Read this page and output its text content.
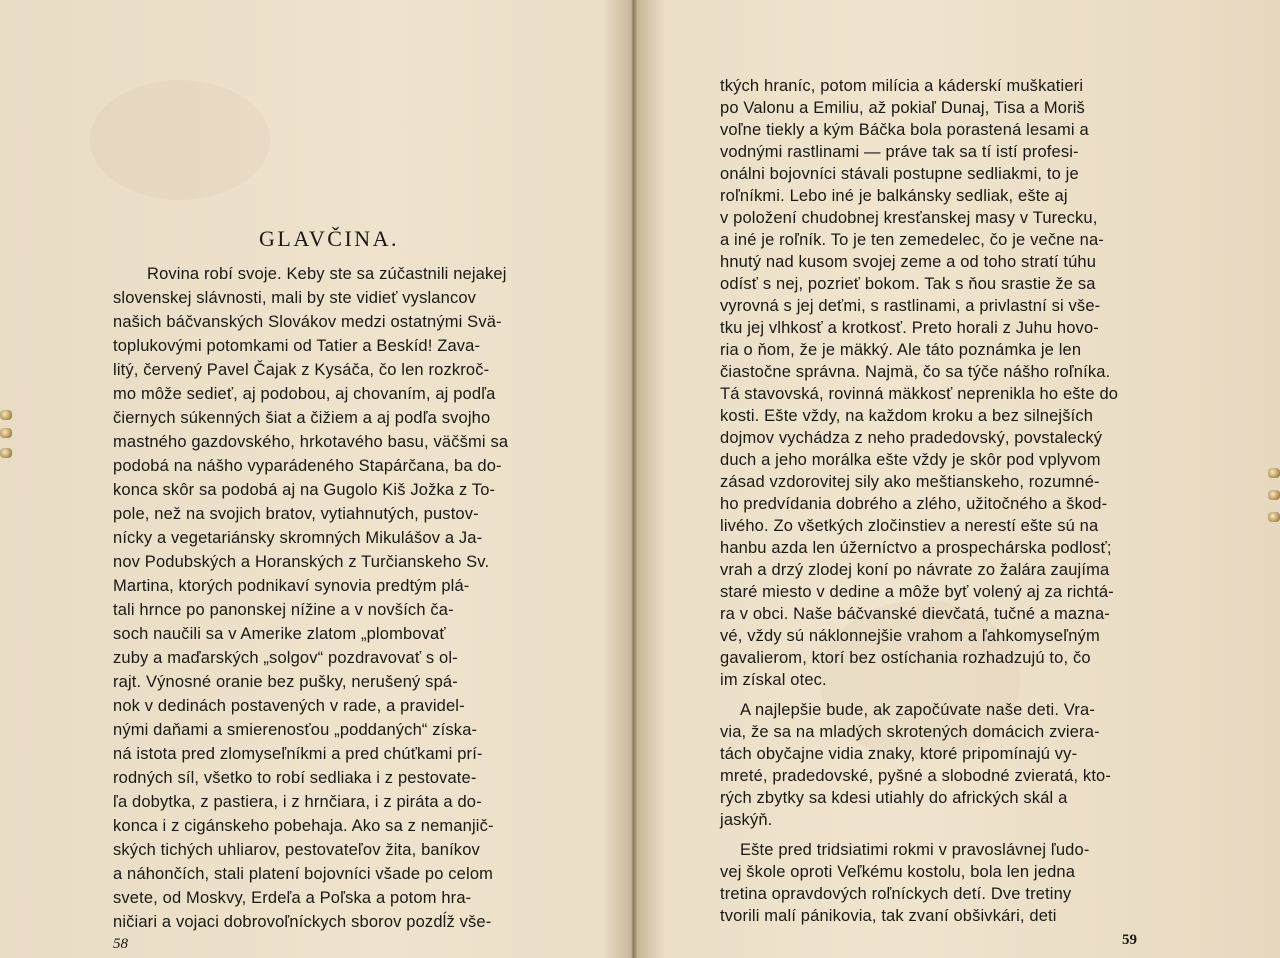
GLAVČINA.
Rovina robí svoje. Keby ste sa zúčastnili nejakej
slovenskej slávnosti, mali by ste vidieť vyslancov
našich báčvanských Slovákov medzi ostatnými Svä-
toplukovými potomkami od Tatier a Beskíd! Zava-
litý, červený Pavel Čajak z Kysáča, čo len rozkroč-
mo môže sedieť, aj podobou, aj chovaním, aj podľa
čiernych súkenných šiat a čižiem a aj podľa svojho
mastného gazdovského, hrkotavého basu, väčšmi sa
podobá na nášho vyparádeného Stapárčana, ba do-
konca skôr sa podobá aj na Gugolo Kiš Jožka z To-
pole, než na svojich bratov, vytiahnutých, pustov-
nícky a vegetariánsky skromných Mikulášov a Ja-
nov Podubských a Horanských z Turčianskeho Sv.
Martina, ktorých podnikaví synovia predtým plá-
tali hrnce po panonskej nížine a v novších ča-
soch naučili sa v Amerike zlatom „plombovať
zuby a maďarských „solgov“ pozdravovať s ol-
rajt. Výnosné oranie bez pušky, nerušený spá-
nok v dedinách postavených v rade, a pravidel-
nými daňami a smierenosťou „poddaných“ získa-
ná istota pred zlomyseľníkmi a pred chúťkami prí-
rodných síl, všetko to robí sedliaka i z pestovate-
ľa dobytka, z pastiera, i z hrnčiara, i z piráta a do-
konca i z cigánskeho pobehaja. Ako sa z nemanjič-
ských tichých uhliarov, pestovateľov žita, baníkov
a náhončích, stali platení bojovníci všade po celom
svete, od Moskvy, Erdeľa a Poľska a potom hra-
ničiari a vojaci dobrovoľníckych sborov pozdĺž vše-
58
tkých hraníc, potom milícia a káderskí muškatieri
po Valonu a Emiliu, až pokiaľ Dunaj, Tisa a Moriš
voľne tiekly a kým Báčka bola porastená lesami a
vodnými rastlinami — práve tak sa tí istí profesi-
onálni bojovníci stávali postupne sedliakmi, to je
roľníkmi. Lebo iné je balkánsky sedliak, ešte aj
v položení chudobnej kresťanskej masy v Turecku,
a iné je roľník. To je ten zemedelec, čo je večne na-
hnutý nad kusom svojej zeme a od toho stratí túhu
odísť s nej, pozrieť bokom. Tak s ňou srastie že sa
vyrovná s jej deťmi, s rastlinami, a privlastní si vše-
tku jej vlhkosť a krotkosť. Preto horali z Juhu hovo-
ria o ňom, že je mäkký. Ale táto poznámka je len
čiastočne správna. Najmä, čo sa týče nášho roľníka.
Tá stavovská, rovinná mäkkosť neprenikla ho ešte do
kosti. Ešte vždy, na každom kroku a bez silnejších
dojmov vychádza z neho pradedovský, povstalecký
duch a jeho morálka ešte vždy je skôr pod vplyvom
zásad vzdorovitej sily ako meštianskeho, rozumné-
ho predvídania dobrého a zlého, užitočného a škod-
livého. Zo všetkých zločinstiev a nerestí ešte sú na
hanbu azda len úžerníctvo a prospechárska podlosť;
vrah a drzý zlodej koní po návrate zo žalára zaujíma
staré miesto v dedine a môže byť volený aj za richtá-
ra v obci. Naše báčvanské dievčatá, tučné a mazna-
vé, vždy sú náklonnejšie vrahom a ľahkomyseľným
gavalierom, ktorí bez ostíchania rozhadzujú to, čo
im získal otec.
A najlepšie bude, ak započúvate naše deti. Vra-
via, že sa na mladých skrotených domácich zvierа-
tách obyčajne vidia znaky, ktoré pripomínajú vy-
mreté, pradedovské, pyšné a slobodné zvieratá, kto-
rých zbytky sa kdesi utiahly do afrických skál a
jaskýň.
Ešte pred tridsiatimi rokmi v pravoslávnej ľudo-
vej škole oproti Veľkému kostolu, bola len jedna
tretina opravdových roľníckych detí. Dve tretiny
tvorili malí pánikovia, tak zvaní obšivkári, deti
59
